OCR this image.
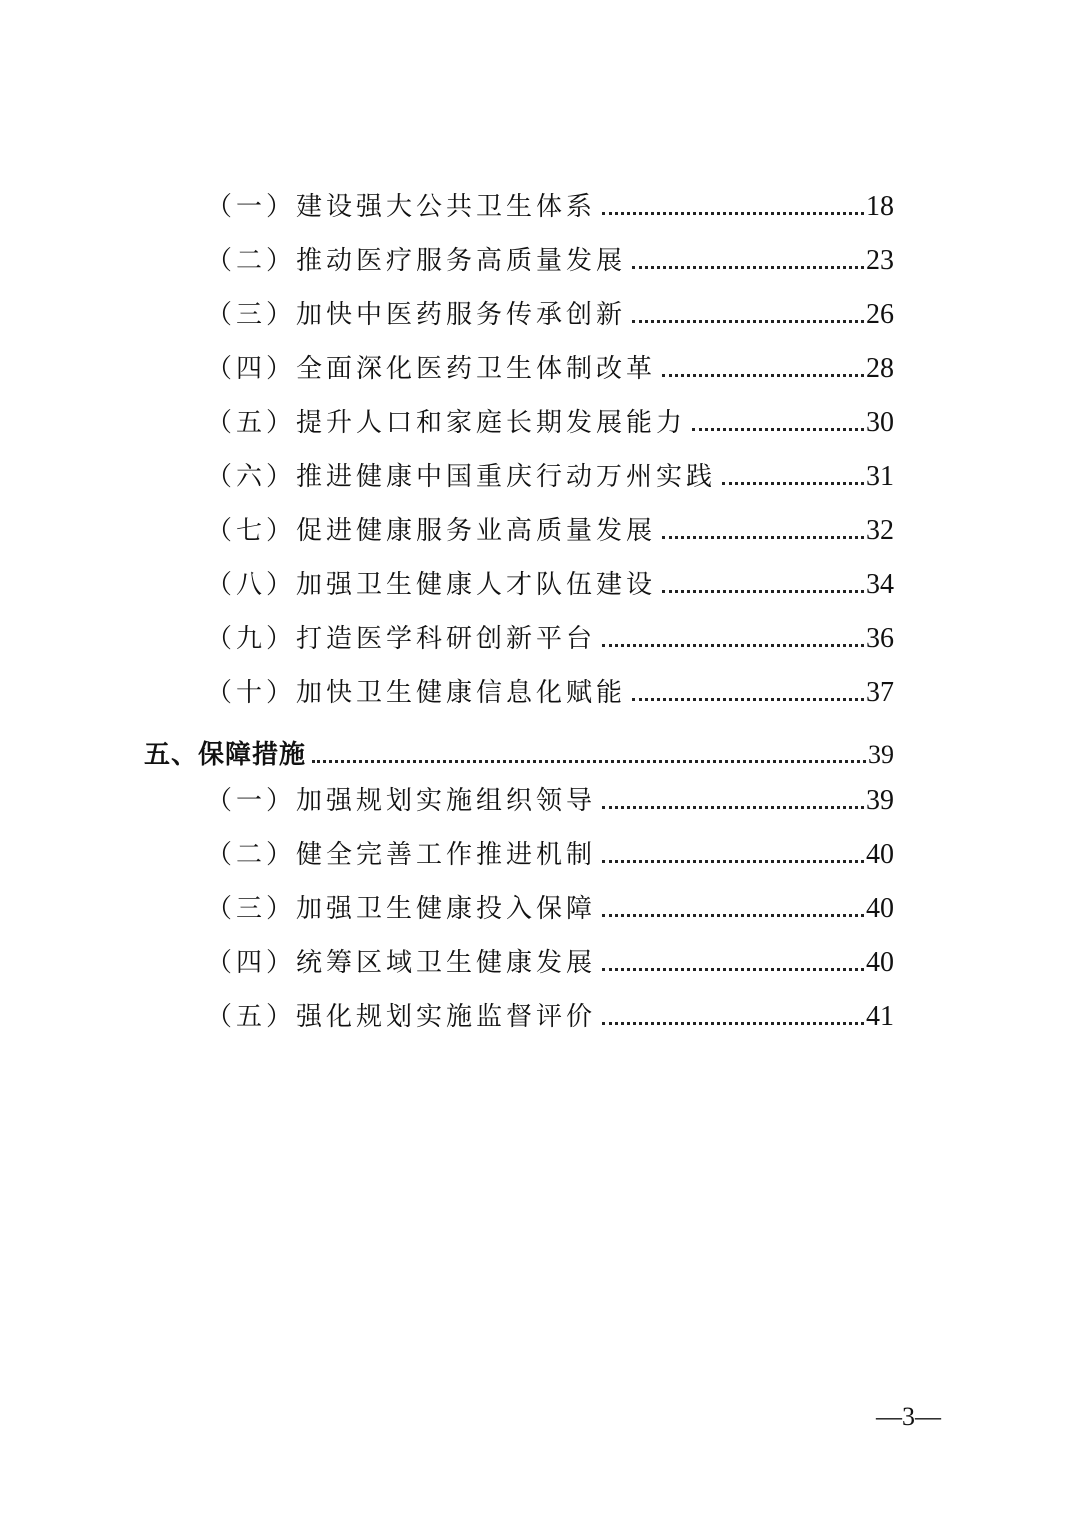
（一）建设强大公共卫生体系	18
（二）推动医疗服务高质量发展	23
（三）加快中医药服务传承创新	26
（四）全面深化医药卫生体制改革	28
（五）提升人口和家庭长期发展能力	30
（六）推进健康中国重庆行动万州实践	31
（七）促进健康服务业高质量发展	32
（八）加强卫生健康人才队伍建设	34
（九）打造医学科研创新平台	36
（十）加快卫生健康信息化赋能	37
五、保障措施	39
（一）加强规划实施组织领导	39
（二）健全完善工作推进机制	40
（三）加强卫生健康投入保障	40
（四）统筹区域卫生健康发展	40
（五）强化规划实施监督评价	41
—3—
